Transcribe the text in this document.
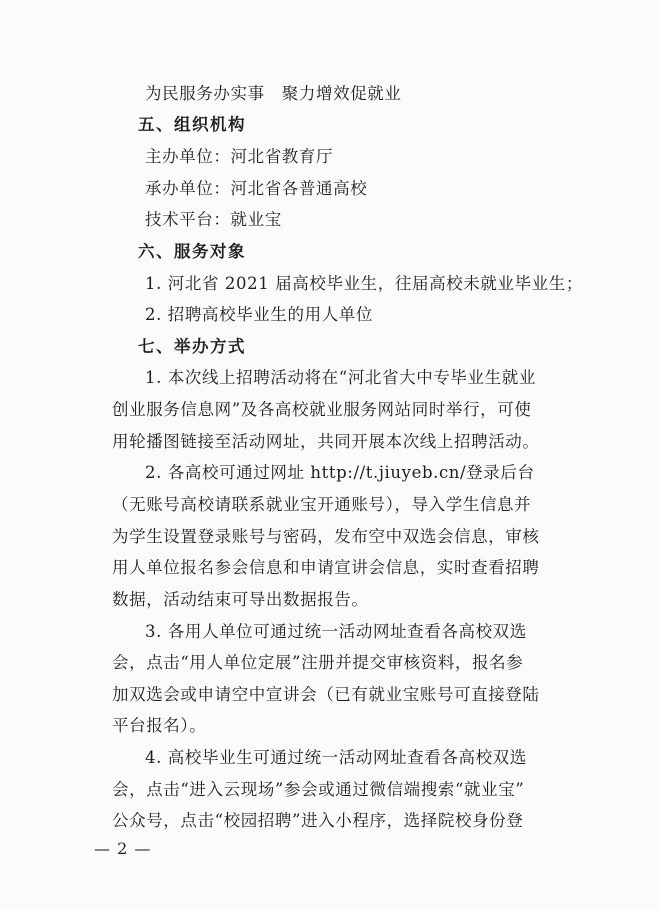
为民服务办实事　聚力增效促就业
五、组织机构
主办单位：河北省教育厅
承办单位：河北省各普通高校
技术平台：就业宝
六、服务对象
1. 河北省 2021 届高校毕业生，往届高校未就业毕业生；
2. 招聘高校毕业生的用人单位
七、举办方式
1. 本次线上招聘活动将在“河北省大中专毕业生就业
创业服务信息网”及各高校就业服务网站同时举行，可使
用轮播图链接至活动网址，共同开展本次线上招聘活动。
2. 各高校可通过网址 http://t.jiuyeb.cn/登录后台
（无账号高校请联系就业宝开通账号），导入学生信息并
为学生设置登录账号与密码，发布空中双选会信息，审核
用人单位报名参会信息和申请宣讲会信息，实时查看招聘
数据，活动结束可导出数据报告。
3. 各用人单位可通过统一活动网址查看各高校双选
会，点击“用人单位定展”注册并提交审核资料，报名参
加双选会或申请空中宣讲会（已有就业宝账号可直接登陆
平台报名）。
4. 高校毕业生可通过统一活动网址查看各高校双选
会，点击“进入云现场”参会或通过微信端搜索“就业宝”
公众号，点击“校园招聘”进入小程序，选择院校身份登
— 2 —
